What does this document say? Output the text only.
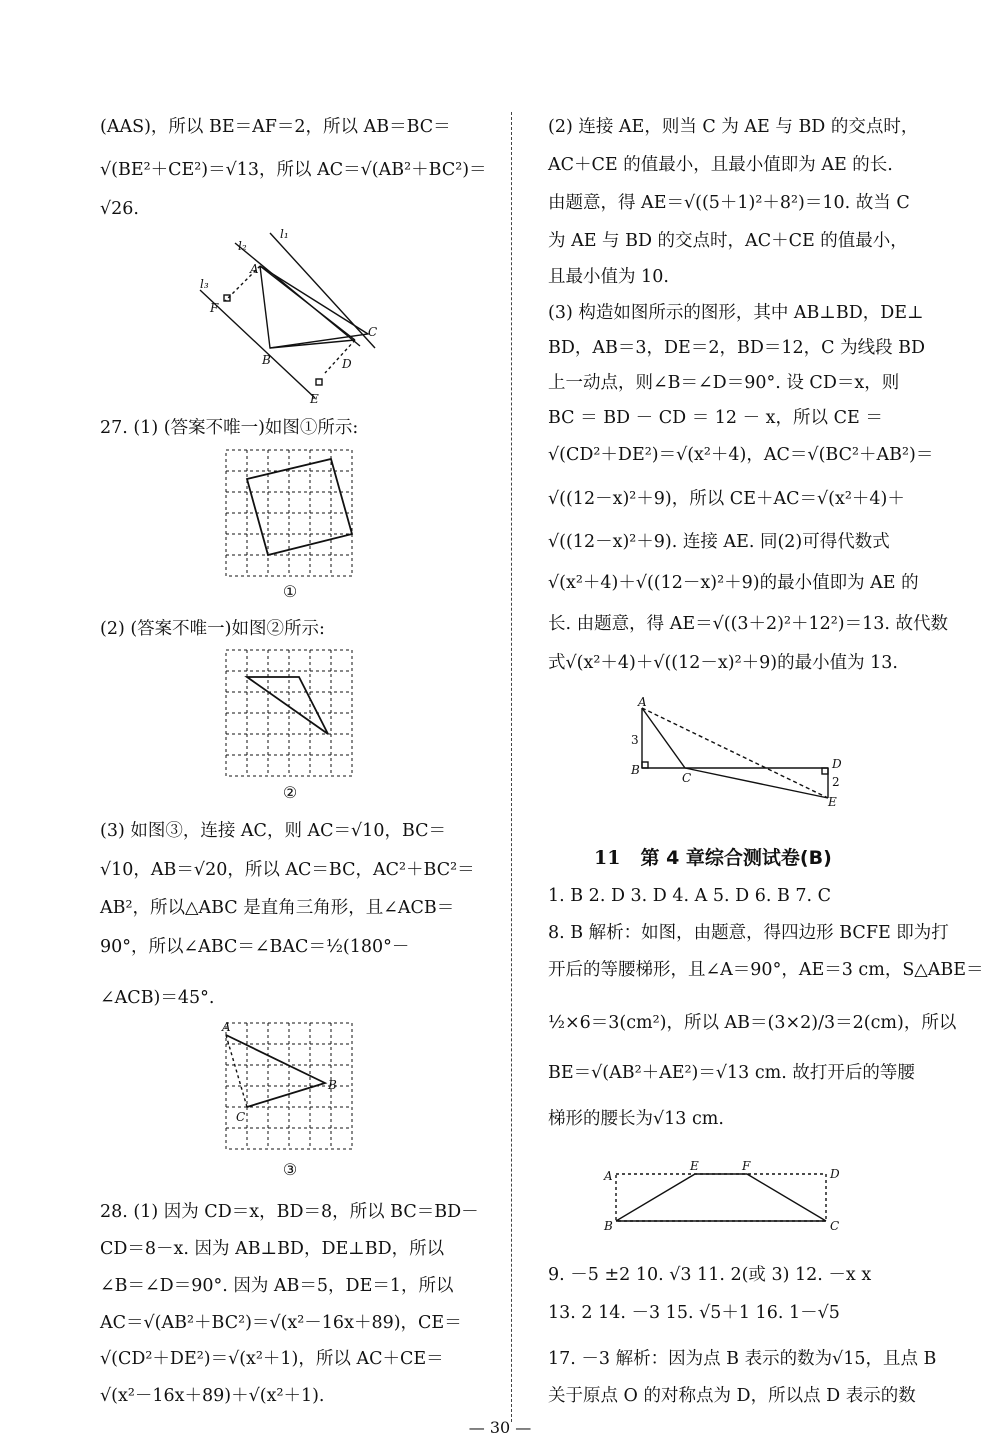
(AAS)，所以 BE＝AF＝2，所以 AB＝BC＝
√(BE²＋CE²)＝√13，所以 AC＝√(AB²＋BC²)＝
√26.
l₁
l₂
l₃
A
F
B
C
D
E
27. (1) (答案不唯一)如图①所示:
①
(2) (答案不唯一)如图②所示:
②
(3) 如图③，连接 AC，则 AC＝√10，BC＝
√10，AB＝√20，所以 AC＝BC，AC²＋BC²＝
AB²，所以△ABC 是直角三角形，且∠ACB＝
90°，所以∠ABC＝∠BAC＝½(180°－
∠ACB)＝45°.
A
B
C
③
28. (1) 因为 CD＝x，BD＝8，所以 BC＝BD－
CD＝8－x. 因为 AB⊥BD，DE⊥BD，所以
∠B＝∠D＝90°. 因为 AB＝5，DE＝1，所以
AC＝√(AB²＋BC²)＝√(x²－16x＋89)，CE＝
√(CD²＋DE²)＝√(x²＋1)，所以 AC＋CE＝
√(x²－16x＋89)＋√(x²＋1).
(2) 连接 AE，则当 C 为 AE 与 BD 的交点时，
AC＋CE 的值最小，且最小值即为 AE 的长.
由题意，得 AE＝√((5＋1)²＋8²)＝10. 故当 C
为 AE 与 BD 的交点时，AC＋CE 的值最小，
且最小值为 10.
(3) 构造如图所示的图形，其中 AB⊥BD，DE⊥
BD，AB＝3，DE＝2，BD＝12，C 为线段 BD
上一动点，则∠B＝∠D＝90°. 设 CD＝x，则
BC ＝ BD － CD ＝ 12 － x，所以 CE ＝
√(CD²＋DE²)＝√(x²＋4)，AC＝√(BC²＋AB²)＝
√((12－x)²＋9)，所以 CE＋AC＝√(x²＋4)＋
√((12－x)²＋9). 连接 AE. 同(2)可得代数式
√(x²＋4)＋√((12－x)²＋9)的最小值即为 AE 的
长. 由题意，得 AE＝√((3＋2)²＋12²)＝13. 故代数
式√(x²＋4)＋√((12－x)²＋9)的最小值为 13.
A
3
B
C
D
2
E
1. B 2. D 3. D 4. A 5. D 6. B 7. C
8. B 解析：如图，由题意，得四边形 BCFE 即为打
开后的等腰梯形，且∠A＝90°，AE＝3 cm，S△ABE＝
½×6＝3(cm²)，所以 AB＝(3×2)/3＝2(cm)，所以
BE＝√(AB²＋AE²)＝√13 cm. 故打开后的等腰
梯形的腰长为√13 cm.
A
E	F
D
B	C
9. －5 ±2 10. √3 11. 2(或 3) 12. －x x
13. 2 14. －3 15. √5＋1 16. 1－√5
17. －3 解析：因为点 B 表示的数为√15，且点 B
关于原点 O 的对称点为 D，所以点 D 表示的数
11 第 4 章综合测试卷(B)
— 30 —
